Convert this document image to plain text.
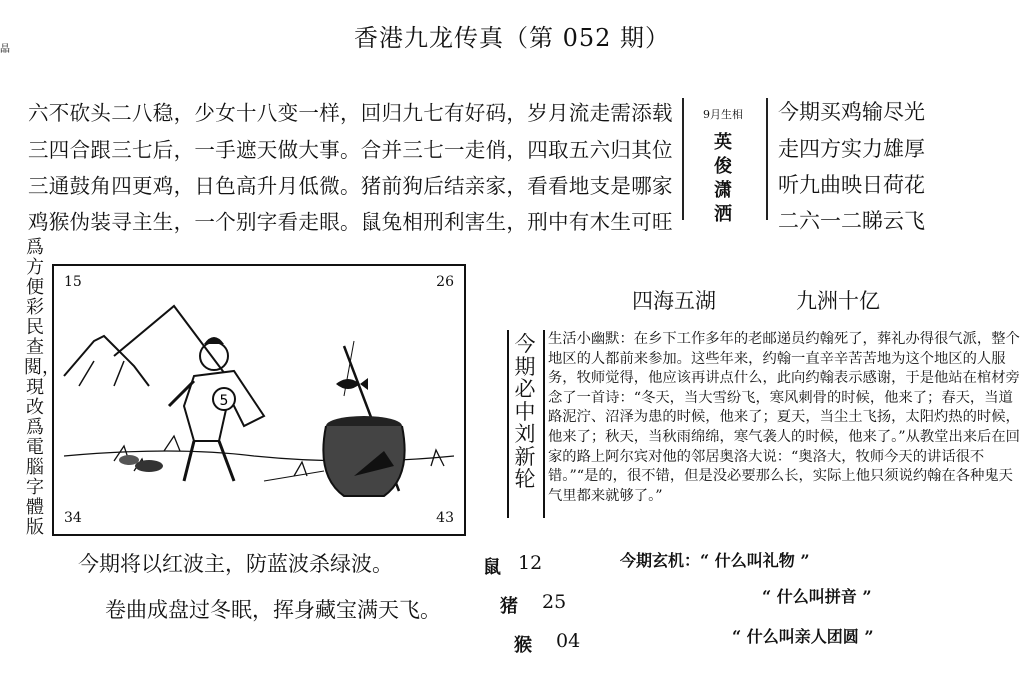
香港九龙传真（第 052 期）
晶
六不砍头二八稳，少女十八变一样，回归九七有好码，岁月流走需添载
三四合跟三七后，一手遮天做大事。合并三七一走俏，四取五六归其位
三通鼓角四更鸡，日色高升月低微。猪前狗后结亲家，看看地支是哪家
鸡猴伪装寻主生，一个别字看走眼。鼠兔相刑利害生，刑中有木生可旺
9月生相
英
俊
潇
洒
今期买鸡输尽光
走四方实力雄厚
听九曲映日荷花
二六一二睇云飞
爲方便彩民查閱，現改爲電腦字體版
15	26
34	43
5
四海五湖	九洲十亿
今期必中 刘新轮
生活小幽默：在乡下工作多年的老邮递员约翰死了，葬礼办得很气派，整个地区的人都前来参加。这些年来，约翰一直辛辛苦苦地为这个地区的人服务，牧师觉得，他应该再讲点什么，此向约翰表示感谢，于是他站在棺材旁念了一首诗：“冬天，当大雪纷飞，寒风刺骨的时候，他来了；春天，当道路泥泞、沼泽为患的时候，他来了；夏天，当尘土飞扬，太阳灼热的时候，他来了；秋天，当秋雨绵绵，寒气袭人的时候，他来了。”从教堂出来后在回家的路上阿尔宾对他的邻居奥洛大说：“奥洛大，牧师今天的讲话很不错。”“是的，很不错，但是没必要那么长，实际上他只须说约翰在各种鬼天气里都来就够了。”
今期玄机：“ 什么叫礼物 ”
“ 什么叫拼音 ”
“ 什么叫亲人团圆 ”
今期将以红波主，防蓝波杀绿波。
卷曲成盘过冬眠，挥身藏宝满天飞。
鼠 12
猪 25
猴 04
